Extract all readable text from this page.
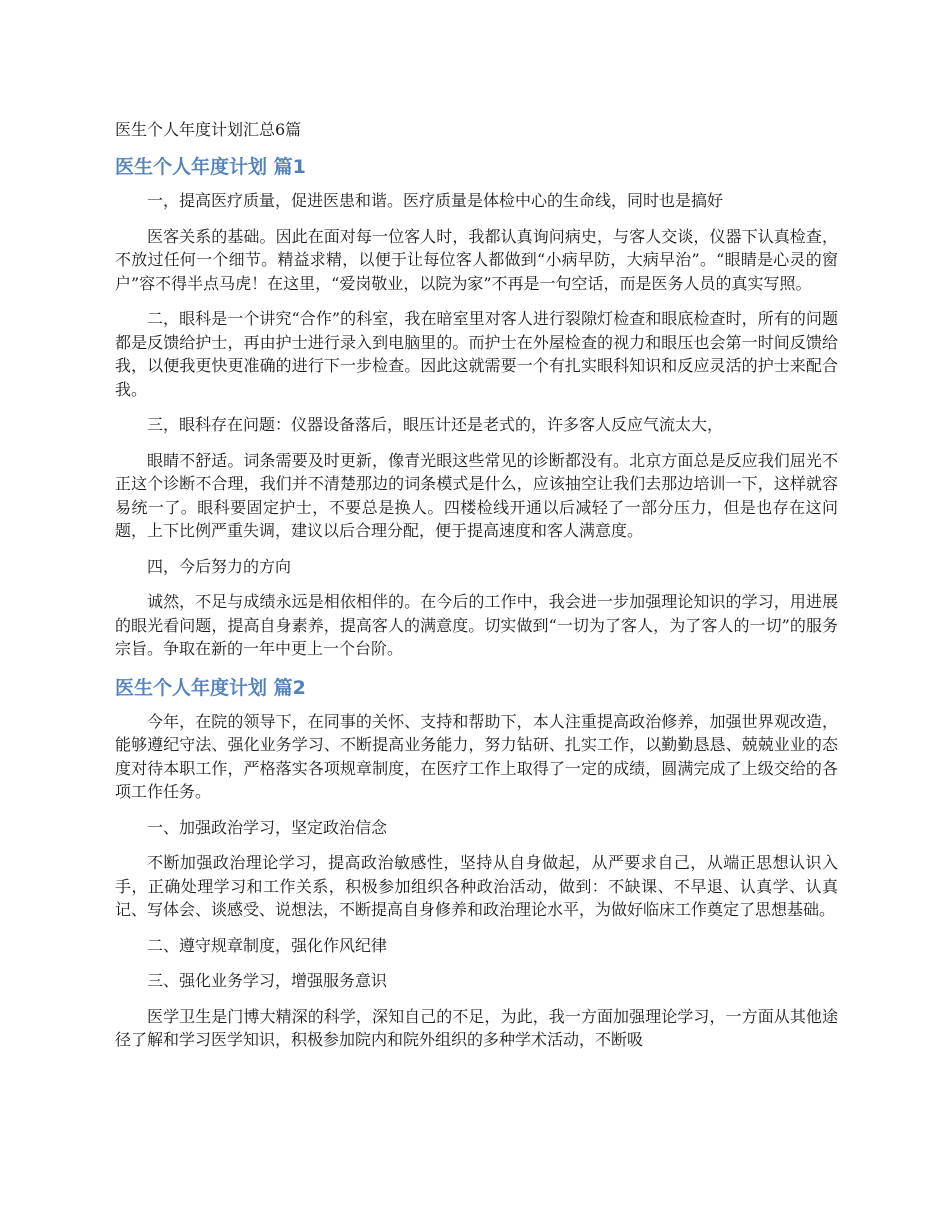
医生个人年度计划汇总6篇
医生个人年度计划 篇1

一，提高医疗质量，促进医患和谐。医疗质量是体检中心的生命线，同时也是搞好

医客关系的基础。因此在面对每一位客人时，我都认真询问病史，与客人交谈，仪器下认真检查，不放过任何一个细节。精益求精，以便于让每位客人都做到“小病早防，大病早治”。“眼睛是心灵的窗户”容不得半点马虎！在这里，“爱岗敬业，以院为家”不再是一句空话，而是医务人员的真实写照。

二，眼科是一个讲究“合作”的科室，我在暗室里对客人进行裂隙灯检查和眼底检查时，所有的问题都是反馈给护士，再由护士进行录入到电脑里的。而护士在外屋检查的视力和眼压也会第一时间反馈给我，以便我更快更准确的进行下一步检查。因此这就需要一个有扎实眼科知识和反应灵活的护士来配合我。

三，眼科存在问题：仪器设备落后，眼压计还是老式的，许多客人反应气流太大，

眼睛不舒适。词条需要及时更新，像青光眼这些常见的诊断都没有。北京方面总是反应我们屈光不正这个诊断不合理，我们并不清楚那边的词条模式是什么，应该抽空让我们去那边培训一下，这样就容易统一了。眼科要固定护士，不要总是换人。四楼检线开通以后减轻了一部分压力，但是也存在这问题，上下比例严重失调，建议以后合理分配，便于提高速度和客人满意度。

四，今后努力的方向

诚然，不足与成绩永远是相依相伴的。在今后的工作中，我会进一步加强理论知识的学习，用进展的眼光看问题，提高自身素养，提高客人的满意度。切实做到“一切为了客人，为了客人的一切”的服务宗旨。争取在新的一年中更上一个台阶。

医生个人年度计划 篇2

今年，在院的领导下，在同事的关怀、支持和帮助下，本人注重提高政治修养，加强世界观改造，能够遵纪守法、强化业务学习、不断提高业务能力，努力钻研、扎实工作，以勤勤恳恳、兢兢业业的态度对待本职工作，严格落实各项规章制度，在医疗工作上取得了一定的成绩，圆满完成了上级交给的各项工作任务。

一、加强政治学习，坚定政治信念

不断加强政治理论学习，提高政治敏感性，坚持从自身做起，从严要求自己，从端正思想认识入手，正确处理学习和工作关系，积极参加组织各种政治活动，做到：不缺课、不早退、认真学、认真记、写体会、谈感受、说想法，不断提高自身修养和政治理论水平，为做好临床工作奠定了思想基础。

二、遵守规章制度，强化作风纪律

三、强化业务学习，增强服务意识

医学卫生是门博大精深的科学，深知自己的不足，为此，我一方面加强理论学习，一方面从其他途径了解和学习医学知识，积极参加院内和院外组织的多种学术活动，不断吸
